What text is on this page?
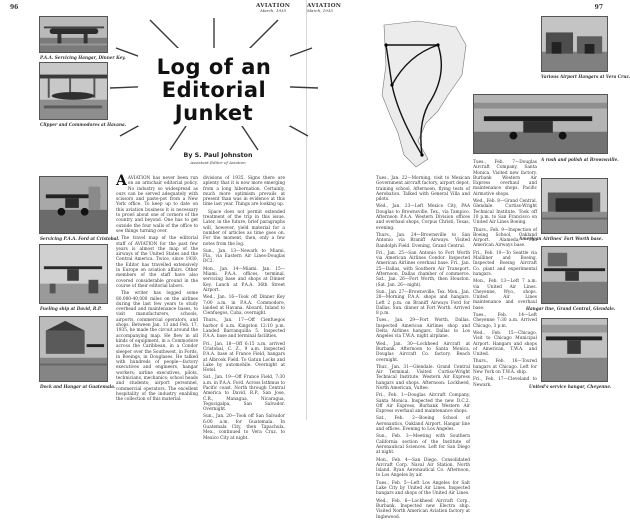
96	AVIATION
March, 1935
AVIATION
March, 1935	97
P.A.A. Servicing Hangar, Dinner Key.
Clipper and Commodores at Havana.
Servicing P.A.A. Ford at Cristobal.
Fueling ship at David, R.P.
Dock and Hangar at Guatemala.
Log of an
Editorial
Junket
By S. Paul Johnston
Assistant Editor of Aviation

AAVIATION has never been run on an armchair editorial policy. No industry so widespread as ours can be served adequately with scissors and paste-pot from a New York office. To keep up to date on this aviation business it is necessary to prowl about one of corners of the country and beyond. One has to get outside the four walls of the office to see things turning over.

The travel map of the editorial staff of AVIATION for the past few years is almost the map of the airways of the United States and the Central America. Twice, since 1930, the Editor has travelled extensively in Europe on aviation affairs. Other members of the staff have also covered considerable ground in the course of their editorial labors.

The writer has logged some 80,000-40,000 miles on the airlines during the last few years to study overhead and maintenance bases, to visit manufacturers, schools, airports, commercial operators, and shops. Between Jan. 13 and Feb. 17, 1935, he made the circuit around the accompanying map. He flew in all kinds of equipment, in a Commodore across the Caribbean, in a Condor sleeper over the Southwest, in Fords, in Boeings, in Douglases. He talked with hundreds of people—factory executives and engineers, hangar workers; airline executives, pilots, technicians, mechanics; school heads and students; airport personnel, commercial operators. The excellent hospitality of the industry enabling the collection of this material.

divisions of 1935. Signs there are aplenty that it is now more emerging from a long hibernation. Certainly, much more optimism prevails at present than was in evidence at this time last year. Things are looking up.

Space does not permit extended treatment of the trip in this issue. Later, in the future, brief paragraphs will, however, yield material for a number of articles as time goes on. For the moment, then, only a few notes from the log.

Sun., Jan. 13—Newark to Miami, Fla., via Eastern Air Lines-Douglas DC2.

Mon., Jan. 14—Miami. Jan. 15—Miami. P.A.A. offices, terminal, servicing base and shops at Dinner Key. Lunch at P.A.A. 36th Street Airport.

Wed., Jan. 16—Took off Dinner Key 7:00 a.m. in P.A.A. Commodore, landed at Havana. Aboard, Inland to Cienfuegos, Cuba, overnight.

Thurs., Jan. 17—Off Cienfuegos harbor 6 a.m. Kingston 12:10 p.m. Landed Barranquilla 5. Inspected P.A.A. base and terminal facilities.

Fri., Jan. 18—Off 6:15 a.m. arrived Cristobal, C. Z., 9 a.m. Inspected P.A.A. base at France Field, hangars at Albrook Field. To Gatun Locks and Lake by automobile. Overnight at Hotel.

Sat., Jan. 19—Off France Field, 7:30 a.m. in P.A.A. Ford. Across Isthmus to Pacific coast. North through Central America to David, R.P., San Jose, C.R., Managua, Nicaragua, Tegucigalpa, San Salvador. Overnight.

Sun., Jan. 20—Took off San Salvador 6:00 a.m. for Guatemala. In Guatemala City, then Tapachula, Mex., continued to Vera Cruz, to Mexico City at night.

Tues., Jan. 22—Morning, visit to Mexican Government aircraft factory, airport depot, training school, Afternoon, flying tests of Aerobatics. Talked with General Villa and pilots.

Wed., Jan. 23—Left Mexico City, PAA Douglas to Brownsville, Tex., via Tampico. Afternoon P.A.A. Western Division offices and overhaul shops, Corpus Christi, Texas, evening.

Thurs., Jan. 24—Brownsville to San Antonio via Braniff Airways. Visited Randolph Field. Evening, Grand Central.

Fri., Jan. 25—San Antonio to Fort Worth via American Airlines Condor. Inspected American Airlines overhaul base. Fri., Jan. 25—Dallas, with Southern Air Transport. Afternoon, Dallas chamber of commerce. Sat., Jan. 26—Fort Worth, then Houston. (Sat. Jan. 26—night).

Sun., Jan. 27—Brownsville, Tex. Mon., Jan. 28—Morning P.A.A. shops and hangars. Left 2 p.m. on Braniff Airways Ford for Dallas. Sun. dinner at Fort Worth. Arrived 8 p.m.

Tues., Jan. 29—Fort Worth, Dallas. Inspected American Airlines shop and Delta Airlines hangars. Dallas to Los Angeles via T.W.A. night airplane.

Wed., Jan. 30—Lockheed Aircraft at Burbank. Afternoon to Santa Monica, Douglas Aircraft Co. factory. Beach overnight.

Thur., Jan. 31—Glendale. Grand Central Air Terminal. Visited Curtiss-Wright Technical Institute. Western Air Express hangars and shops. Afternoon: Lockheed, North American, Vultee.

Fri., Feb. 1—Douglas Aircraft Company, Santa Monica. Inspected the new D.C.2. Off Air Express, Burbank Western Air Express overhaul and maintenance shops.

Sat., Feb. 2—Boeing School of Aeronautics, Oakland Airport. Hangar line and offices. Evening to Los Angeles.

Sun., Feb. 3—Meeting with Southern California section of the Institute of Aeronautical Sciences. Left for San Diego at night.

Mon., Feb. 4—San Diego. Consolidated Aircraft Corp. Naval Air Station, North Island. Ryan Aeronautical Co. Afternoon, to Los Angeles by air.

Tues., Feb. 5—Left Los Angeles for Salt Lake City by United Air Lines. Inspected hangars and shops of the United Air Lines.

Wed., Feb. 6—Lockheed Aircraft Corp., Burbank. Inspected new Electra ship. Visited North American Aviation factory at Inglewood.

Various Airport Hangars at Vera Cruz.
A rush and polish at Brownsville.
American Airlines' Fort Worth base.
Hangar line, Grand Central, Glendale.
United's service hangar, Cheyenne.

Tues., Feb. 7—Douglas Aircraft Company, Santa Monica. Visited new factory. Burbank Western Air Express overhaul and maintenance shops. Pacific Airmotive shops.

Wed., Feb. 8—Grand Central, Glendale. Curtiss-Wright Technical Institute. Took off 10 p.m. to San Francisco on United Air Lines Boeing.

Thurs., Feb. 9—Inspection of Boeing School, Oakland Airport. Alameda, Pan American Airways base.

Fri., Feb. 10—To Seattle via Mailliner and Boeing. Inspected Boeing Aircraft Co. plant and experimental hangars.

Mon., Feb. 13—Left 7 a.m. via United Air Lines. Cheyenne, Wyo., shops. United Air Lines maintenance and overhaul base.

Tues., Feb. 14—Left Cheyenne 7:30 a.m. Arrived Chicago, 3 p.m.

Wed., Feb. 15—Chicago. Visit to Chicago Municipal Airport. Hangars and shops of American, T.W.A. and United.

Thurs., Feb. 16—Toured hangars at Chicago. Left for New York on T.W.A. ship.

Fri., Feb. 17—Cleveland to Newark.
